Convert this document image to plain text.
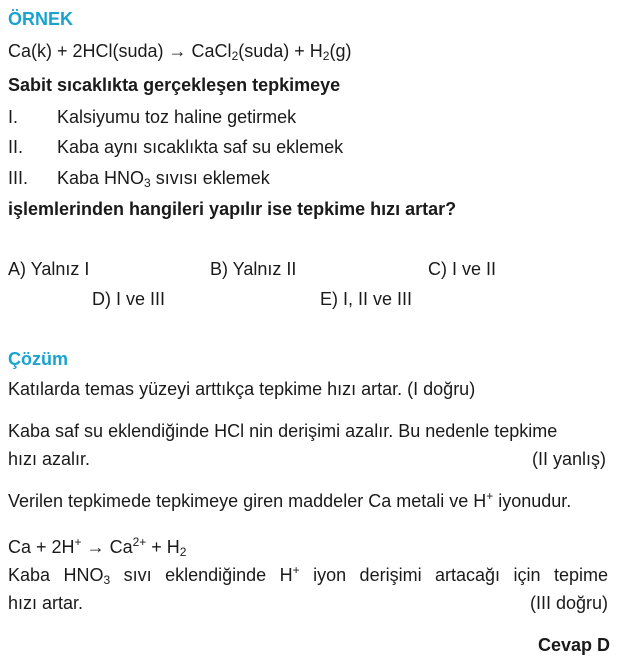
ÖRNEK
Ca(k) + 2HCl(suda) → CaCl$_2$(suda) + $H_2(g)$
Sabit sıcaklıkta gerçekleşen tepkimeye
I. Kalsiyumu toz haline getirmek
II. Kaba aynı sıcaklıkta saf su eklemek
III. Kaba $HNO_3$ sıvısı eklemek
işlemlerinden hangileri yapılır ise tepkime hızı artar?
A) Yalnız I	B) Yalnız II	C) I ve II
D) I ve III	E) I, II ve III
Çözüm
Katılarda temas yüzeyi arttıkça tepkime hızı artar. (I doğru)
Kaba saf su eklendiğinde HCl nin derişimi azalır. Bu nedenle tepkime
hızı azalır.	(II yanlış)
Verilen tepkimede tepkimeye giren maddeler Ca metali ve H+ iyonudur.
$Ca + 2H^+ \to Ca^{2+} + H_2$
Kaba $HNO_3$ sıvı eklendiğinde H+ iyon derişimi artacağı için tepime
hızı artar.	(III doğru)
Cevap D
